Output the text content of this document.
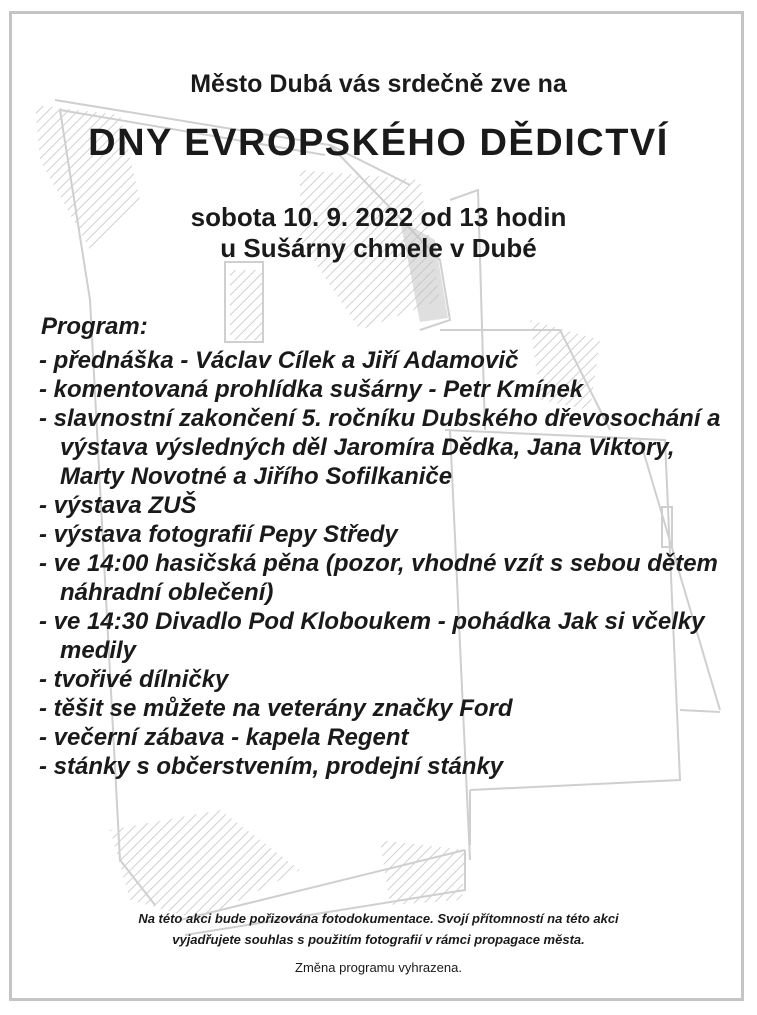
Město Dubá vás srdečně zve na
DNY EVROPSKÉHO DĚDICTVÍ
sobota 10. 9. 2022 od 13 hodin
u Sušárny chmele v Dubé
Program:
- přednáška - Václav Cílek a Jiří Adamovič
- komentovaná prohlídka sušárny - Petr Kmínek
- slavnostní zakončení 5. ročníku Dubského dřevosochání a výstava výsledných děl Jaromíra Dědka, Jana Viktory, Marty Novotné a Jiřího Sofilkaniče
- výstava ZUŠ
- výstava fotografií Pepy Středy
- ve 14:00 hasičská pěna (pozor, vhodné vzít s sebou dětem náhradní oblečení)
- ve 14:30 Divadlo Pod Kloboukem - pohádka Jak si včelky medily
- tvořivé dílničky
- těšit se můžete na veterány značky Ford
- večerní zábava - kapela Regent
- stánky s občerstvením, prodejní stánky
Na této akci bude pořizována fotodokumentace. Svojí přítomností na této akci
vyjadřujete souhlas s použitím fotografií v rámci propagace města.
Změna programu vyhrazena.
